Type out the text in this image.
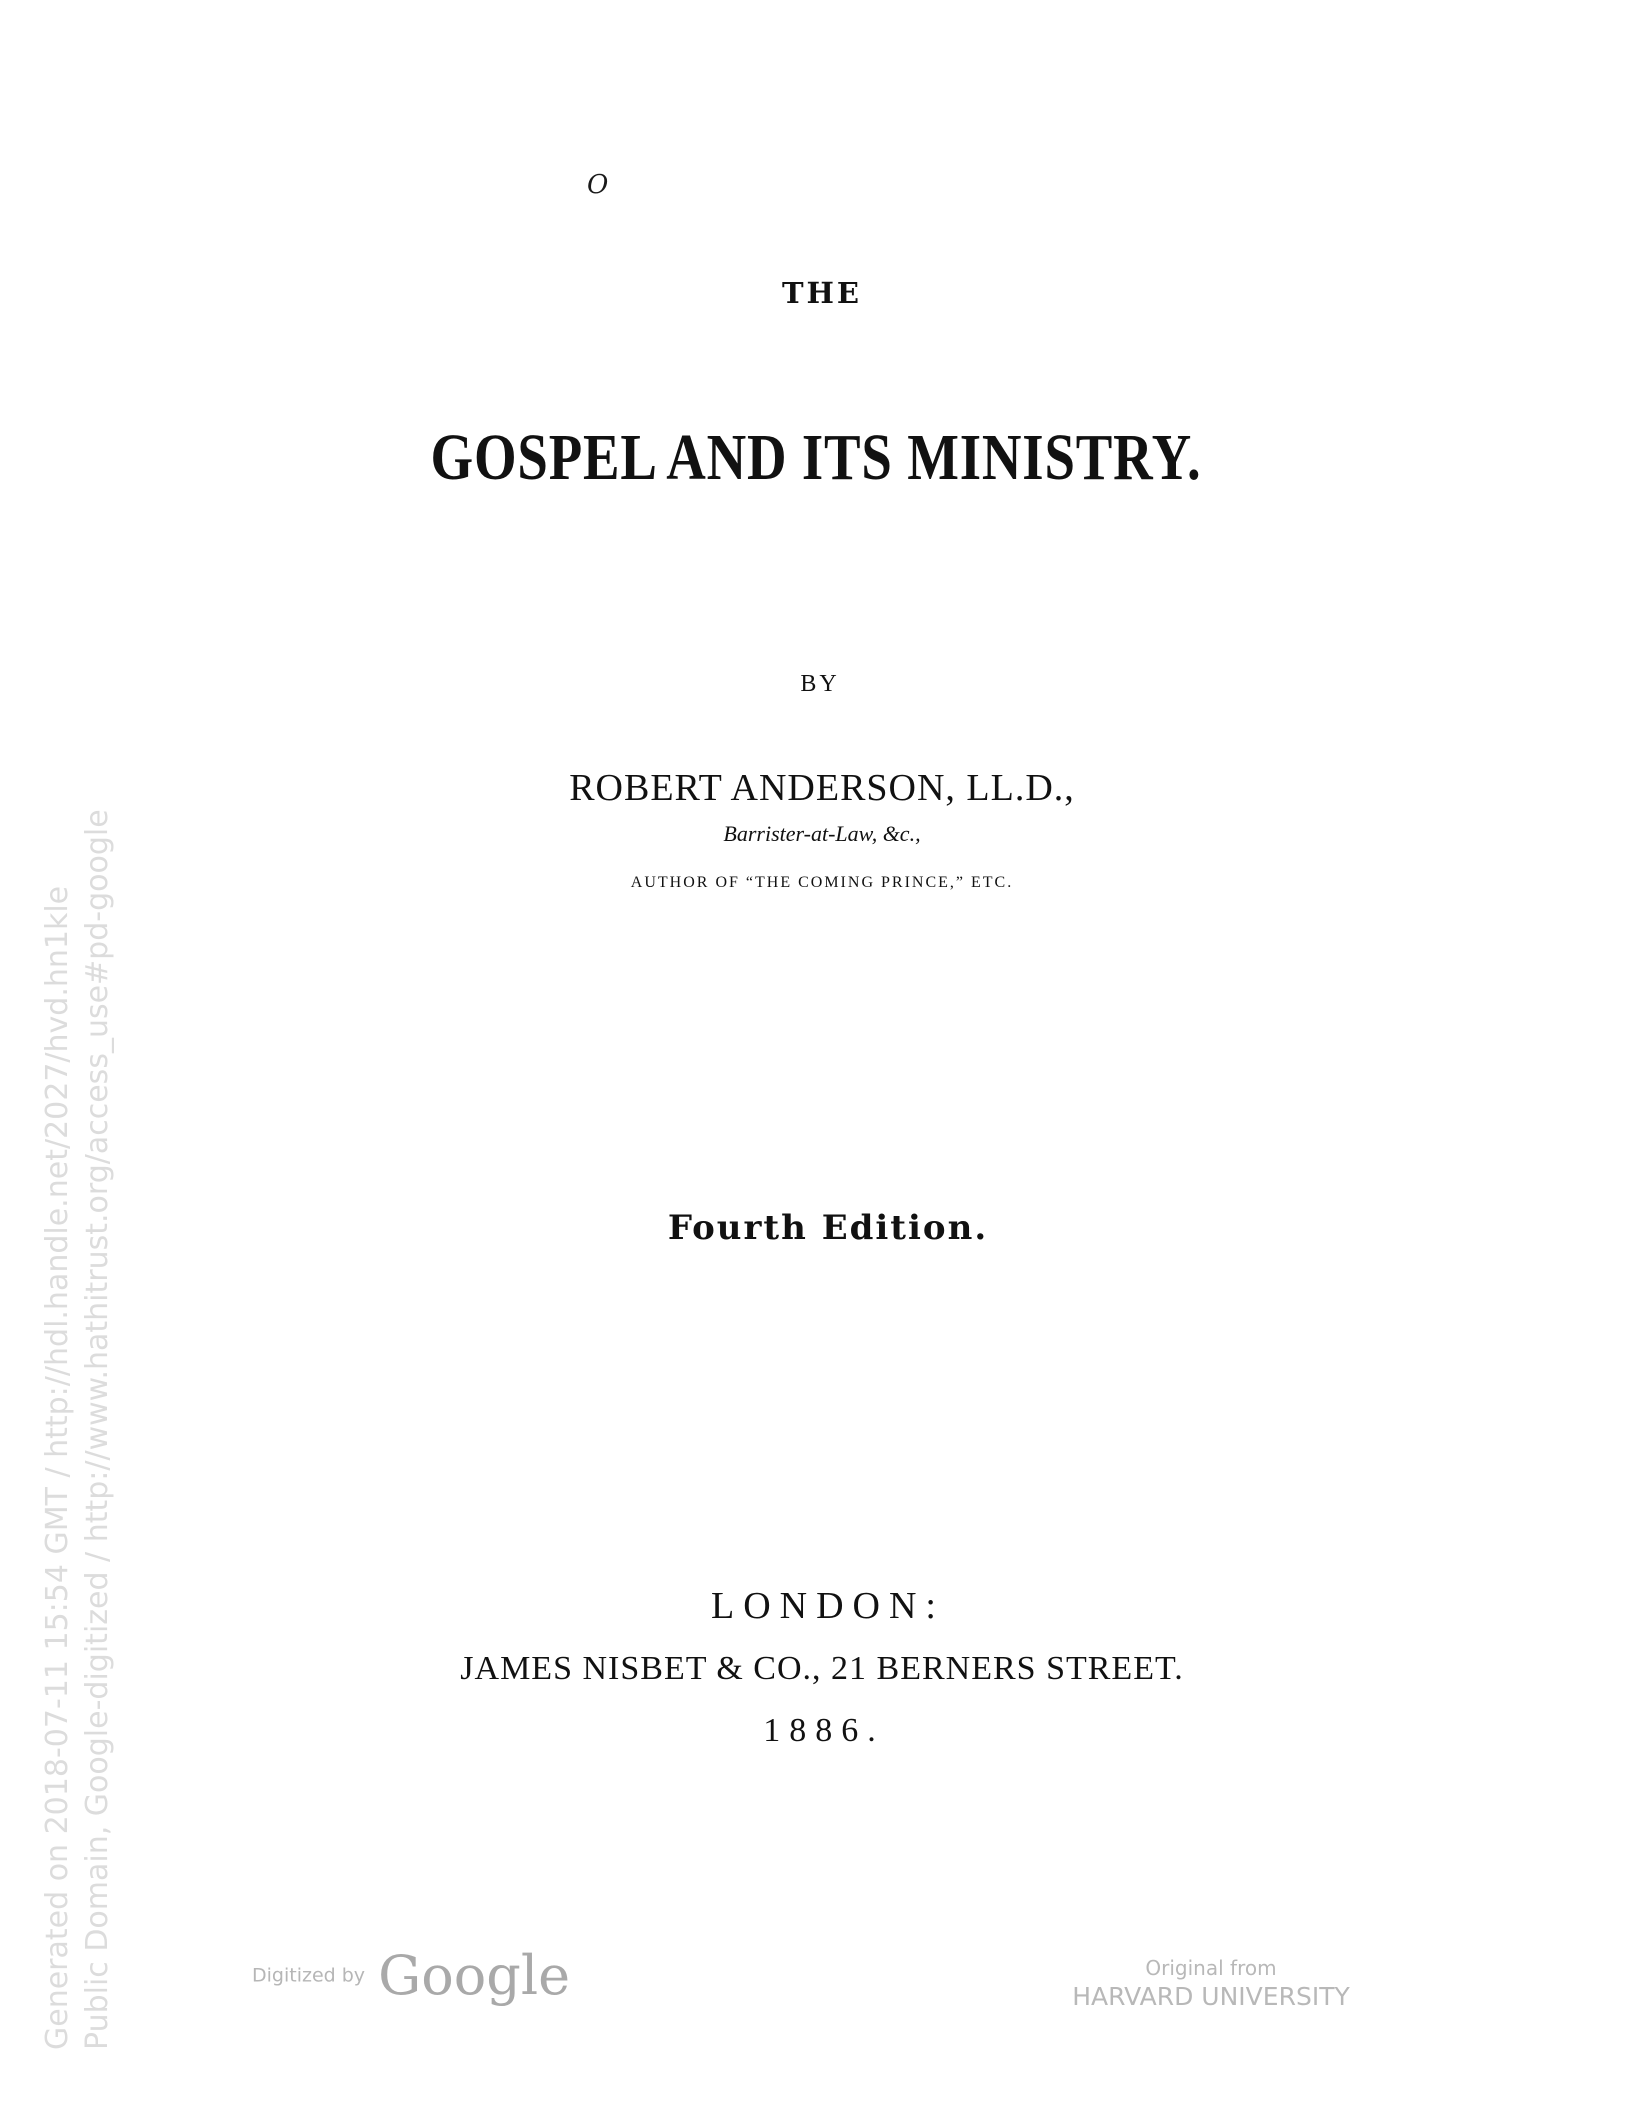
O
THE
GOSPEL AND ITS MINISTRY.
BY
ROBERT ANDERSON, LL.D.,
Barrister-at-Law, &c.,
AUTHOR OF “THE COMING PRINCE,” ETC.
Fourth Edition.
LONDON:
JAMES NISBET & CO., 21 BERNERS STREET.
1886.
Generated on 2018-07-11 15:54 GMT / http://hdl.handle.net/2027/hvd.hn1kle Public Domain, Google-digitized / http://www.hathitrust.org/access_use#pd-google	Digitized by Google	Original from
HARVARD UNIVERSITY
